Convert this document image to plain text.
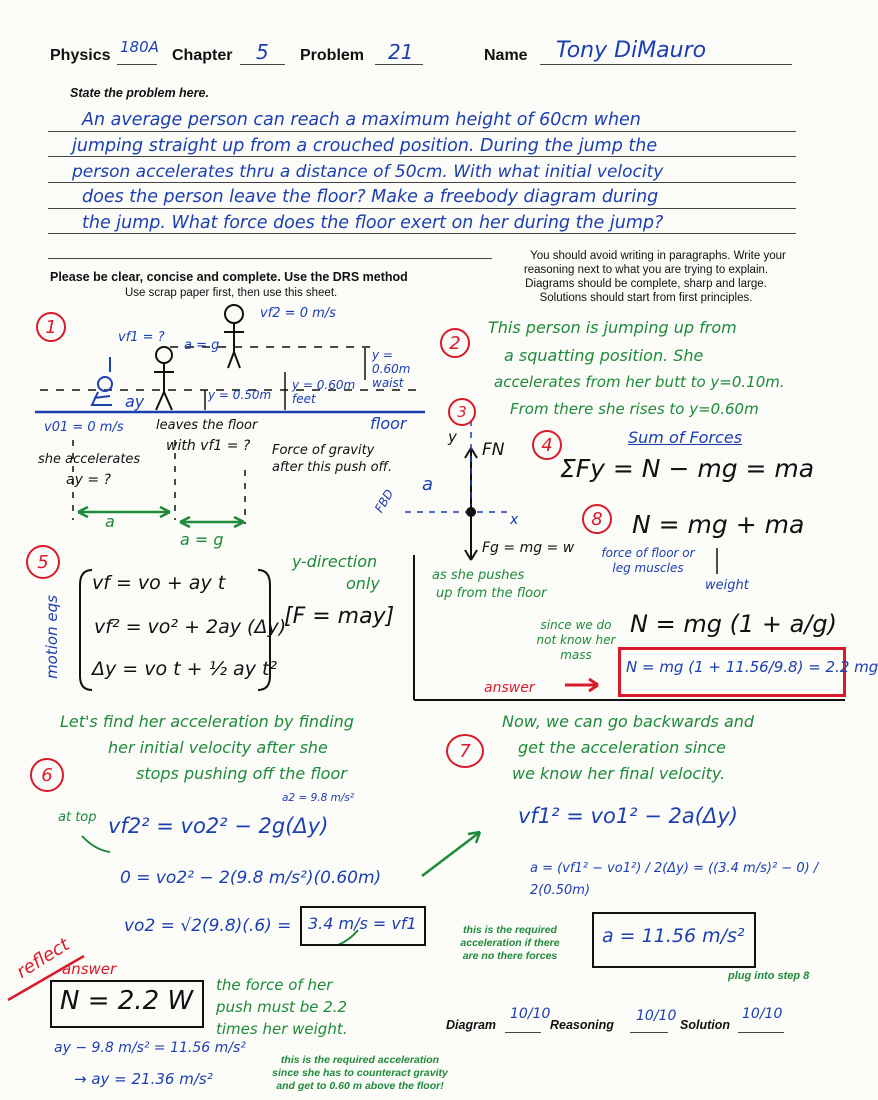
Physics 180A Chapter 5 Problem 21	Name Tony DiMauro
State the problem here.
An average person can reach a maximum height of 60cm when
jumping straight up from a crouched position. During the jump the
person accelerates thru a distance of 50cm. With what initial velocity
does the person leave the floor? Make a freebody diagram during
the jump. What force does the floor exert on her during the jump?
Please be clear, concise and complete. Use the DRS method
Use scrap paper first, then use this sheet.
You should avoid writing in paragraphs. Write your
reasoning next to what you are trying to explain.
Diagrams should be complete, sharp and large.
Solutions should start from first principles.
1
vf2 = 0 m/s
vf1 = ?
a = g
y = 0.60m waist
y = 0.50m
y = 0.60m feet
ay
floor
v01 = 0 m/s
she accelerates
ay = ?
leaves the floor
with vf1 = ? Force of gravity after this push off.
a
a = g
2
This person is jumping up from
a squatting position. She
accelerates from her butt to y=0.10m.
From there she rises to y=0.60m
3
y
FN
a
FBD
x
Fg = mg = w
as she pushes
up from the floor
4	Sum of Forces
ΣFy = N − mg = ma
8	N = mg + ma
force of floor or leg muscles
weight
since we do not know her mass
N = mg (1 + a/g)
answer
N = mg (1 + 11.56/9.8) = 2.2 mg
5
motion eqs
vf = vo + ay t
vf² = vo² + 2ay (Δy)
Δy = vo t + ½ ay t²
[F = may]
y-direction
only
Let's find her acceleration by finding
her initial velocity after she
stops pushing off the floor
6
at top
a2 = 9.8 m/s²
vf2² = vo2² − 2g(Δy)
0 = vo2² − 2(9.8 m/s²)(0.60m)
vo2 = √2(9.8)(.6) = 3.4 m/s = vf1
7
Now, we can go backwards and
get the acceleration since
we know her final velocity.
vf1² = vo1² − 2a(Δy)
a = (vf1² − vo1²) / 2(Δy) = ((3.4 m/s)² − 0) / 2(0.50m)
a = 11.56 m/s²
this is the required
acceleration if there
are no there forces
plug into step 8
reflect
answer
N = 2.2 W
the force of her
push must be 2.2
times her weight.
ay − 9.8 m/s² = 11.56 m/s²
→ ay = 21.36 m/s²
this is the required acceleration
since she has to counteract gravity
and get to 0.60 m above the floor!
Diagram
10/10
Reasoning
10/10
Solution
10/10
